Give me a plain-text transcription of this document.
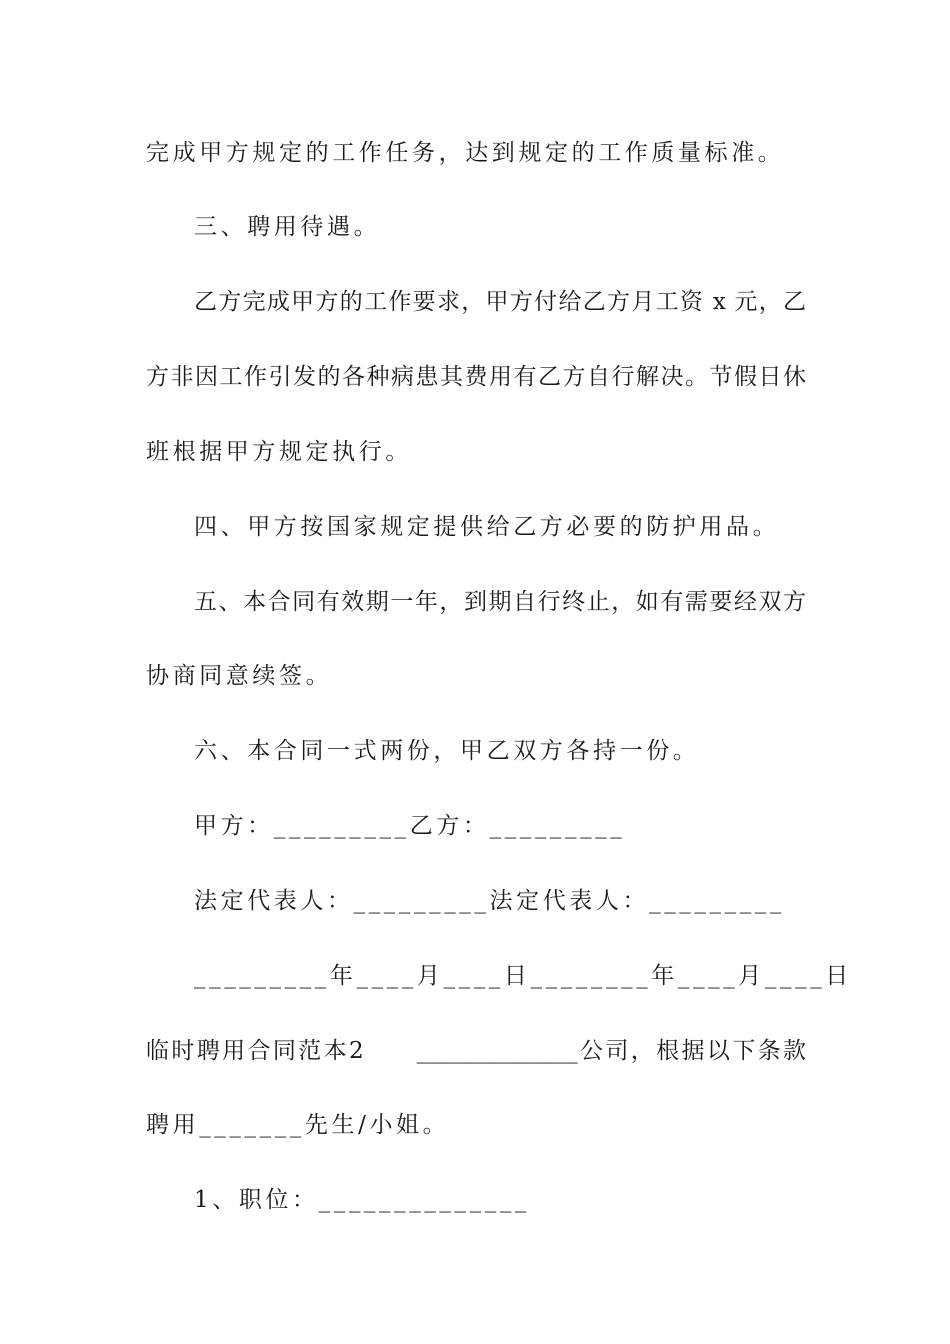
完成甲方规定的工作任务，达到规定的工作质量标准。
三、聘用待遇。
乙方完成甲方的工作要求，甲方付给乙方月工资 x 元，乙
方非因工作引发的各种病患其费用有乙方自行解决。节假日休
班根据甲方规定执行。
四、甲方按国家规定提供给乙方必要的防护用品。
五、本合同有效期一年，到期自行终止，如有需要经双方
协商同意续签。
六、本合同一式两份，甲乙双方各持一份。
甲方：_________乙方：_________
法定代表人：_________法定代表人：_________
_________年____月____日________年____月____日
临时聘用合同范本2　　______________公司，根据以下条款
聘用_______先生/小姐。
1、职位：______________
